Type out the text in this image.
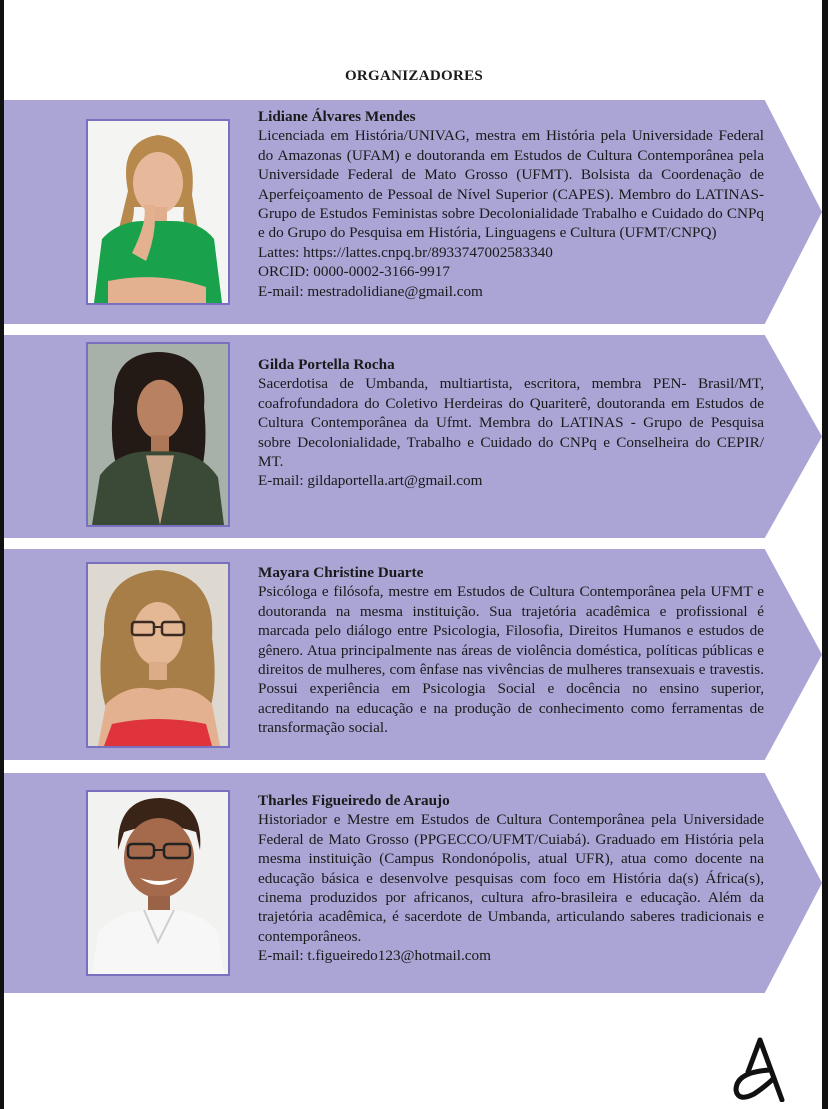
ORGANIZADORES
Lidiane Álvares Mendes
Licenciada em História/UNIVAG, mestra em História pela Universidade Federal do Amazonas (UFAM) e doutoranda em Estudos de Cultura Contemporânea pela Universidade Federal de Mato Grosso (UFMT). Bolsista da Coordenação de Aperfeiçoamento de Pessoal de Nível Superior (CAPES). Membro do LATINAS- Grupo de Estudos Feministas sobre Decolonialidade Trabalho e Cuidado do CNPq e do Grupo do Pesquisa em História, Linguagens e Cultura (UFMT/CNPQ)
Lattes: https://lattes.cnpq.br/8933747002583340
ORCID: 0000-0002-3166-9917
E-mail: mestradolidiane@gmail.com
Gilda Portella Rocha
Sacerdotisa de Umbanda, multiartista, escritora, membra PEN- Brasil/MT, coafrofundadora do Coletivo Herdeiras do Quariterê, doutoranda em Estudos de Cultura Contemporânea da Ufmt. Membra do LATINAS - Grupo de Pesquisa sobre Decolonialidade, Trabalho e Cuidado do CNPq e Conselheira do CEPIR/ MT.
E-mail: gildaportella.art@gmail.com
Mayara Christine Duarte
Psicóloga e filósofa, mestre em Estudos de Cultura Contemporânea pela UFMT e doutoranda na mesma instituição. Sua trajetória acadêmica e profissional é marcada pelo diálogo entre Psicologia, Filosofia, Direitos Humanos e estudos de gênero. Atua principalmente nas áreas de violência doméstica, políticas públicas e direitos de mulheres, com ênfase nas vivências de mulheres transexuais e travestis. Possui experiência em Psicologia Social e docência no ensino superior, acreditando na educação e na produção de conhecimento como ferramentas de transformação social.
Tharles Figueiredo de Araujo
Historiador e Mestre em Estudos de Cultura Contemporânea pela Universidade Federal de Mato Grosso (PPGECCO/UFMT/Cuiabá). Graduado em História pela mesma instituição (Campus Rondonópolis, atual UFR), atua como docente na educação básica e desenvolve pesquisas com foco em História da(s) África(s), cinema produzidos por africanos, cultura afro-brasileira e educação. Além da trajetória acadêmica, é sacerdote de Umbanda, articulando saberes tradicionais e contemporâneos.
E-mail: t.figueiredo123@hotmail.com
